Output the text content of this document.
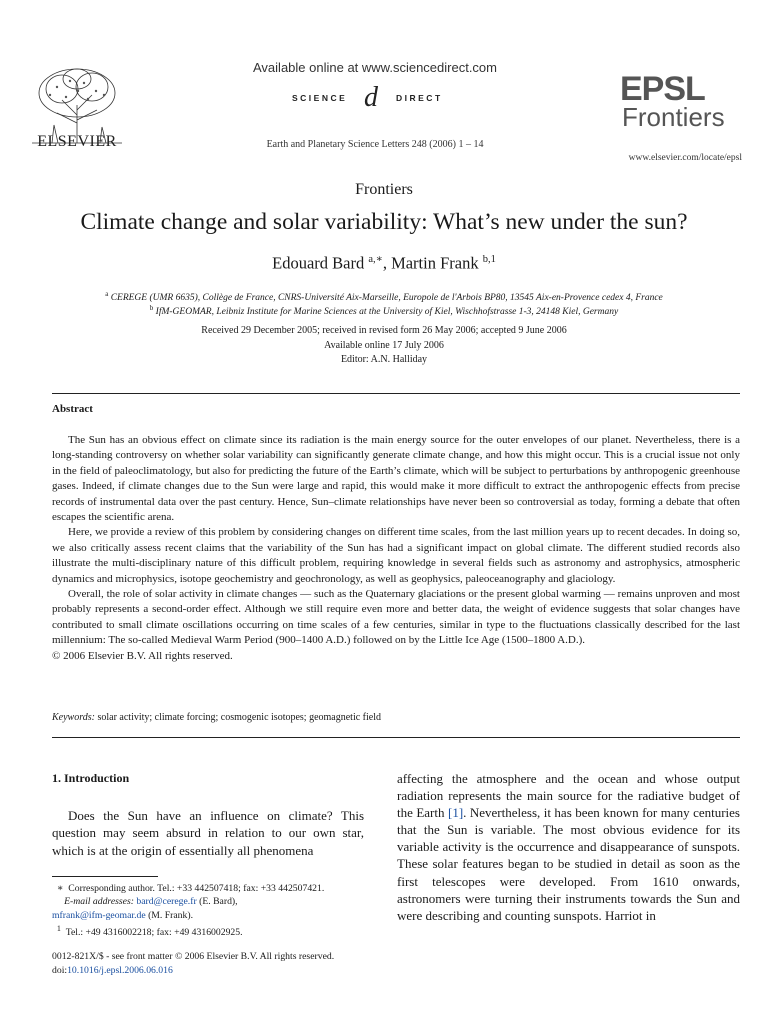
ELSEVIER
Available online at www.sciencedirect.com
SCIENCE d DIRECT
Earth and Planetary Science Letters 248 (2006) 1 – 14
EPSL
Frontiers
www.elsevier.com/locate/epsl
Frontiers
Climate change and solar variability: What’s new under the sun?
Edouard Bard $^{a,∗}$, Martin Frank $^{b,1}$
$^a$ CEREGE (UMR 6635), Collège de France, CNRS-Université Aix-Marseille, Europole de l'Arbois BP80, 13545 Aix-en-Provence cedex 4, France
$^b$ IfM-GEOMAR, Leibniz Institute for Marine Sciences at the University of Kiel, Wischhofstrasse 1-3, 24148 Kiel, Germany
Received 29 December 2005; received in revised form 26 May 2006; accepted 9 June 2006
Available online 17 July 2006
Editor: A.N. Halliday
Abstract

The Sun has an obvious effect on climate since its radiation is the main energy source for the outer envelopes of our planet. Nevertheless, there is a long-standing controversy on whether solar variability can significantly generate climate change, and how this might occur. This is a crucial issue not only in the field of paleoclimatology, but also for predicting the future of the Earth’s climate, which will be subject to perturbations by anthropogenic greenhouse gases. Indeed, if climate changes due to the Sun were large and rapid, this would make it more difficult to extract the anthropogenic effects from precise records of instrumental data over the past century. Hence, Sun–climate relationships have never been so controversial as today, forming a debate that often escapes the scientific arena.

Here, we provide a review of this problem by considering changes on different time scales, from the last million years up to recent decades. In doing so, we also critically assess recent claims that the variability of the Sun has had a significant impact on global climate. The different studied records also illustrate the multi-disciplinary nature of this difficult problem, requiring knowledge in several fields such as astronomy and astrophysics, atmospheric dynamics and microphysics, isotope geochemistry and geochronology, as well as geophysics, paleoceanography and glaciology.

Overall, the role of solar activity in climate changes — such as the Quaternary glaciations or the present global warming — remains unproven and most probably represents a second-order effect. Although we still require even more and better data, the weight of evidence suggests that solar changes have contributed to small climate oscillations occurring on time scales of a few centuries, similar in type to the fluctuations classically described for the last millennium: The so-called Medieval Warm Period (900–1400 A.D.) followed on by the Little Ice Age (1500–1800 A.D.).

© 2006 Elsevier B.V. All rights reserved.

Keywords: solar activity; climate forcing; cosmogenic isotopes; geomagnetic field
1. Introduction

Does the Sun have an influence on climate? This question may seem absurd in relation to our own star, which is at the origin of essentially all phenomena

affecting the atmosphere and the ocean and whose output radiation represents the main source for the radiative budget of the Earth [1]. Nevertheless, it has been known for many centuries that the Sun is variable. The most obvious evidence for its variable activity is the occurrence and disappearance of sunspots. These solar features began to be studied in detail as soon as the first telescopes were developed. From 1610 onwards, astronomers were turning their instruments towards the Sun and were describing and counting sunspots. Harriot in

∗ Corresponding author. Tel.: +33 442507418; fax: +33 442507421.
E-mail addresses: bard@cerege.fr (E. Bard),
mfrank@ifm-geomar.de (M. Frank).
$^1$ Tel.: +49 4316002218; fax: +49 4316002925.
0012-821X/$ - see front matter © 2006 Elsevier B.V. All rights reserved.
doi:10.1016/j.epsl.2006.06.016
